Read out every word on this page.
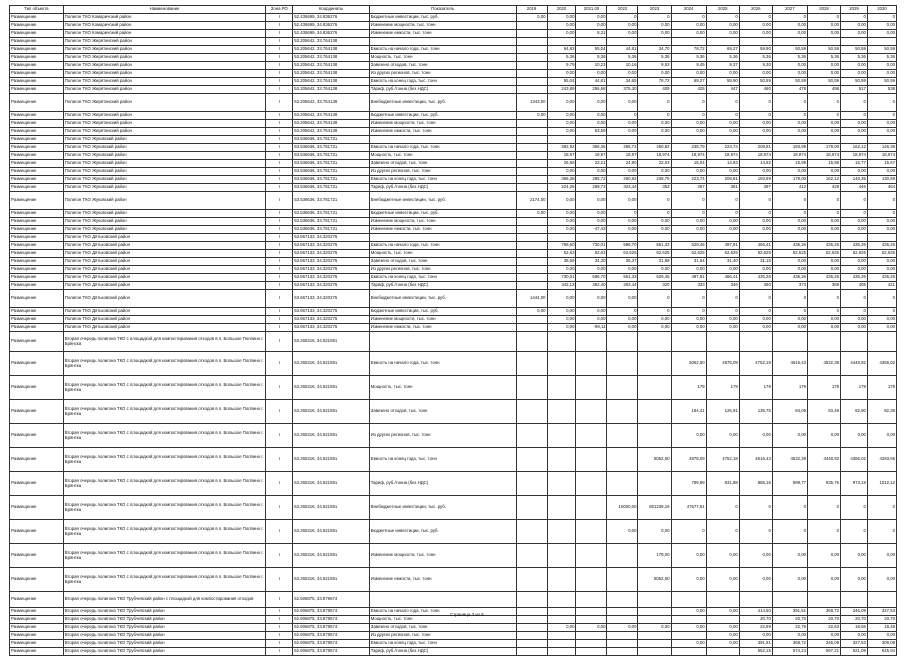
Тип объекта	Наименование	Зона РО	Координаты	Показатель	2019	2020	2021.00	2022	2023	2024	2025	2026	2027	2028	2029	2030
Размещение	Полигон ТКО Комаричский район	I	52.435699, 34.836276	Бюджетные инвестиции, тыс. руб.	0,00	0,00	0,00	0	0	0	0	0	0	0	0	0
Размещение	Полигон ТКО Комаричский район	I	52.435699, 34.836276	Изменение мощности, тыс. тонн		0,00	0,00	0,00	0,00	0,00	0,00	0,00	0,00	0,00	0,00	0,00
Размещение	Полигон ТКО Комаричский район	I	52.435699, 34.836276	Изменение емкости, тыс. тонн		0,00	8,31	0,00	0,00	0,00	0,00	0,00	0,00	0,00	0,00	0,00
Размещение	Полигон ТКО Жирятинский район	I	53.205642, 33.764138													
Размещение	Полигон ТКО Жирятинский район	I	53.205642, 33.764138	Емкость на начало года, тыс. тонн		64,83	55,04	44,81	34,70	78,72	69,27	59,90	50,59	50,59	50,59	50,59
Размещение	Полигон ТКО Жирятинский район	I	53.205642, 33.764138	Мощность, тыс. тонн		5,36	5,36	5,36	5,36	5,36	5,36	5,36	5,36	5,36	5,36	5,36
Размещение	Полигон ТКО Жирятинский район	I	53.205642, 33.764138	Завезено отходов, тыс. тонн		9,79	10,23	10,16	9,53	9,45	9,37	9,30	0,00	0,00	0,00	0,00
Размещение	Полигон ТКО Жирятинский район	I	53.205642, 33.764138	Из других регионов, тыс. тонн		0,00	0,00	0,00	0,00	0,00	0,00	0,00	0,00	0,00	0,00	0,00
Размещение	Полигон ТКО Жирятинский район	I	53.205642, 33.764138	Емкость на конец года, тыс. тонн		55,04	44,81	34,65	78,72	69,27	59,90	50,59	50,59	50,59	50,59	50,59
Размещение	Полигон ТКО Жирятинский район	I	53.205642, 33.764138	Тариф, руб./тонна (без НДС)		243,89	296,68	375,30	409	425	447	460	478	498	517	538
Размещение	Полигон ТКО Жирятинский район	I	53.205642, 33.764138	Внебюджетные инвестиции, тыс. руб.	1343,00	0,00	0,00	0,00	0	0	0	0	0	0	0	0
Размещение	Полигон ТКО Жирятинский район	I	53.205642, 33.764138	Бюджетные инвестиции, тыс. руб.	0,00	0,00	0,00	0	0	0	0	0	0	0	0	0
Размещение	Полигон ТКО Жирятинский район	I	53.205642, 33.764138	Изменение мощности, тыс. тонн		0,00	0,00	0,00	0,00	0,00	0,00	0,00	0,00	0,00	0,00	0,00
Размещение	Полигон ТКО Жирятинский район	I	53.205642, 33.764138	Изменение емкости, тыс. тонн		0,00	53,59	0,00	0,00	0,00	0,00	0,00	0,00	0,00	0,00	0,00
Размещение	Полигон ТКО Жуковский район	I	53.536636, 33.781721													
Размещение	Полигон ТКО Жуковский район	I	53.536636, 33.781721	Емкость на начало года, тыс. тонн		382,92	356,36	285,72	260,82	238,79	223,74	208,81	193,99	178,00	162,12	146,35
Размещение	Полигон ТКО Жуковский район	I	53.536636, 33.781721	Мощность, тыс. тонн		18,97	18,97	18,97	18,974	18,974	18,974	18,974	18,974	18,974	18,974	18,974
Размещение	Полигон ТКО Жуковский район	I	53.536636, 33.781721	Завезено отходов, тыс. тонн		26,56	23,21	24,90	22,03	15,04	14,93	14,82	15,99	15,88	15,77	15,67
Размещение	Полигон ТКО Жуковский район	I	53.536636, 33.781721	Из других регионов, тыс. тонн		0,00	0,00	0,00	0,00	0,00	0,00	0,00	0,00	0,00	0,00	0,00
Размещение	Полигон ТКО Жуковский район	I	53.536636, 33.781721	Емкость на конец года, тыс. тонн		356,36	285,72	260,82	238,79	223,74	208,81	193,99	178,00	162,12	146,35	130,69
Размещение	Полигон ТКО Жуковский район	I	53.536636, 33.781721	Тариф, руб./тонна (без НДС)		224,26	289,73	323,44	353	367	381	397	412	429	446	464
Размещение	Полигон ТКО Жуковский район	I	53.536636, 33.781721	Внебюджетные инвестиции, тыс. руб.	2174,00	0,00	0,00	0,00	0	0	0	0	0	0	0	0
Размещение	Полигон ТКО Жуковский район	I	53.536636, 33.781721	Бюджетные инвестиции, тыс. руб.	0,00	0,00	0,00	0	0	0	0	0	0	0	0	0
Размещение	Полигон ТКО Жуковский район	I	53.536636, 33.781721	Изменение мощности, тыс. тонн		0,00	0,00	0,00	0,00	0,00	0,00	0,00	0,00	0,00	0,00	0,00
Размещение	Полигон ТКО Жуковский район	I	53.536636, 33.781721	Изменение емкости, тыс. тонн		0,00	-47,43	0,00	0,00	0,00	0,00	0,00	0,00	0,00	0,00	0,00
Размещение	Полигон ТКО Дятьковский район	I	53.667133, 34.320275													
Размещение	Полигон ТКО Дятьковский район	I	53.667133, 34.320275	Емкость на начало года, тыс. тонн		768,60	730,01	596,70	561,33	529,45	497,81	466,41	435,26	435,26	435,26	435,26
Размещение	Полигон ТКО Дятьковский район	I	53.667133, 34.320275	Мощность, тыс. тонн		62,63	62,63	62,625	62,625	62,625	62,625	62,625	62,625	62,625	62,625	62,625
Размещение	Полигон ТКО Дятьковский район	I	53.667133, 34.320275	Завезено отходов, тыс. тонн		38,59	34,30	35,37	31,88	31,64	31,40	31,15	0,00	0,00	0,00	0,00
Размещение	Полигон ТКО Дятьковский район	I	53.667133, 34.320275	Из других регионов, тыс. тонн		0,00	0,00	0,00	0,00	0,00	0,00	0,00	0,00	0,00	0,00	0,00
Размещение	Полигон ТКО Дятьковский район	I	53.667133, 34.320275	Емкость на конец года, тыс. тонн		730,01	596,70	561,33	529,45	497,81	466,41	435,26	435,26	435,26	435,26	435,26
Размещение	Полигон ТКО Дятьковский район	I	53.667133, 34.320275	Тариф, руб./тонна (без НДС)		342,13	382,40	293,44	320	333	346	360	374	389	405	421
Размещение	Полигон ТКО Дятьковский район	I	53.667133, 34.320275	Внебюджетные инвестиции, тыс. руб.	1444,00	0,00	0,00	0,00	0	0	0	0	0	0	0	0
Размещение	Полигон ТКО Дятьковский район	I	53.667133, 34.320275	Бюджетные инвестиции, тыс. руб.	0,00	0,00	0,00	0	0	0	0	0	0	0	0	0
Размещение	Полигон ТКО Дятьковский район	I	53.667133, 34.320275	Изменение мощности, тыс. тонн		0,00	0,00	0,00	0,00	0,00	0,00	0,00	0,00	0,00	0,00	0,00
Размещение	Полигон ТКО Дятьковский район	I	53.667133, 34.320275	Изменение емкости, тыс. тонн		0,00	-99,11	0,00	0,00	0,00	0,00	0,00	0,00	0,00	0,00	0,00
Размещение	Вторая очередь полигона ТКО с площадкой для компостирования отходов в п. Большое Полпино г. Брянска	I	53.265316, 34.521591													
Размещение	Вторая очередь полигона ТКО с площадкой для компостирования отходов в п. Большое Полпино г. Брянска	I	53.265316, 34.521591	Емкость на начало года, тыс. тонн						5062,50	4878,09	4752,18	4616,43	4532,38	4448,92	4366,02
Размещение	Вторая очередь полигона ТКО с площадкой для компостирования отходов в п. Большое Полпино г. Брянска	I	53.265316, 34.521591	Мощность, тыс. тонн						179	179	179	179	179	179	179
Размещение	Вторая очередь полигона ТКО с площадкой для компостирования отходов в п. Большое Полпино г. Брянска	I	53.265316, 34.521591	Завезено отходов, тыс. тонн						184,41	125,91	135,75	84,05	83,46	82,90	82,35
Размещение	Вторая очередь полигона ТКО с площадкой для компостирования отходов в п. Большое Полпино г. Брянска	I	53.265316, 34.521591	Из других регионов, тыс. тонн						0,00	0,00	0,00	0,00	0,00	0,00	0,00
Размещение	Вторая очередь полигона ТКО с площадкой для компостирования отходов в п. Большое Полпино г. Брянска	I	53.265316, 34.521591	Емкость на конец года, тыс. тонн					5062,50	4878,09	4752,18	4616,43	4532,38	4448,92	4366,02	4283,66
Размещение	Вторая очередь полигона ТКО с площадкой для компостирования отходов в п. Большое Полпино г. Брянска	I	53.265316, 34.521591	Тариф, руб./тонна (без НДС)						799,89	831,88	865,16	899,77	935,76	973,19	1012,12
Размещение	Вторая очередь полигона ТКО с площадкой для компостирования отходов в п. Большое Полпино г. Брянска	I	53.265316, 34.521591	Внебюджетные инвестиции, тыс. руб.				10000,00	801239,18	47677,61	0	0	0	0	0	0
Размещение	Вторая очередь полигона ТКО с площадкой для компостирования отходов в п. Большое Полпино г. Брянска	I	53.265316, 34.521591	Бюджетные инвестиции, тыс. руб.				0,00	0,00	0	0	0	0	0	0	0
Размещение	Вторая очередь полигона ТКО с площадкой для компостирования отходов в п. Большое Полпино г. Брянска	I	53.265316, 34.521591	Изменение мощности, тыс. тонн					179,00	0,00	0,00	0,00	0,00	0,00	0,00	0,00
Размещение	Вторая очередь полигона ТКО с площадкой для компостирования отходов в п. Большое Полпино г. Брянска	I	53.265316, 34.521591	Изменение емкости, тыс. тонн					5062,50	0,00	0,00	0,00	0,00	0,00	0,00	0,00
Размещение	Вторая очередь полигона ТКО Трубчевский район с площадкой для компостирования отходов	I	52.606875, 33.879674													
Размещение	Вторая очередь полигона ТКО Трубчевский район	I	52.606875, 33.879674	Емкость на начало года, тыс. тонн						0,00	0,00	414,50	391,51	368,72	346,09	327,53
Размещение	Вторая очередь полигона ТКО Трубчевский район	I	52.606875, 33.879674	Мощность, тыс. тонн								20,70	20,70	20,70	20,70	20,70
Размещение	Вторая очередь полигона ТКО Трубчевский район	I	52.606875, 33.879674	Завезено отходов, тыс. тонн		0,00	0,00	0,00	0,00	0,00	0,00	22,99	22,79	22,63	18,56	18,45
Размещение	Вторая очередь полигона ТКО Трубчевский район	I	52.606875, 33.879674	Из других регионов, тыс. тонн							0,00	0,00	0,00	0,00	0,00	0,00
Размещение	Вторая очередь полигона ТКО Трубчевский район	I	52.606875, 33.879674	Емкость на конец года, тыс. тонн						0,00	0,00	391,51	368,72	346,09	327,53	309,08
Размещение	Вторая очередь полигона ТКО Трубчевский район	I	52.606875, 33.879674	Тариф, руб./тонна (без НДС)								552,15	574,24	597,21	621,09	645,94
Страница 3 из 6
